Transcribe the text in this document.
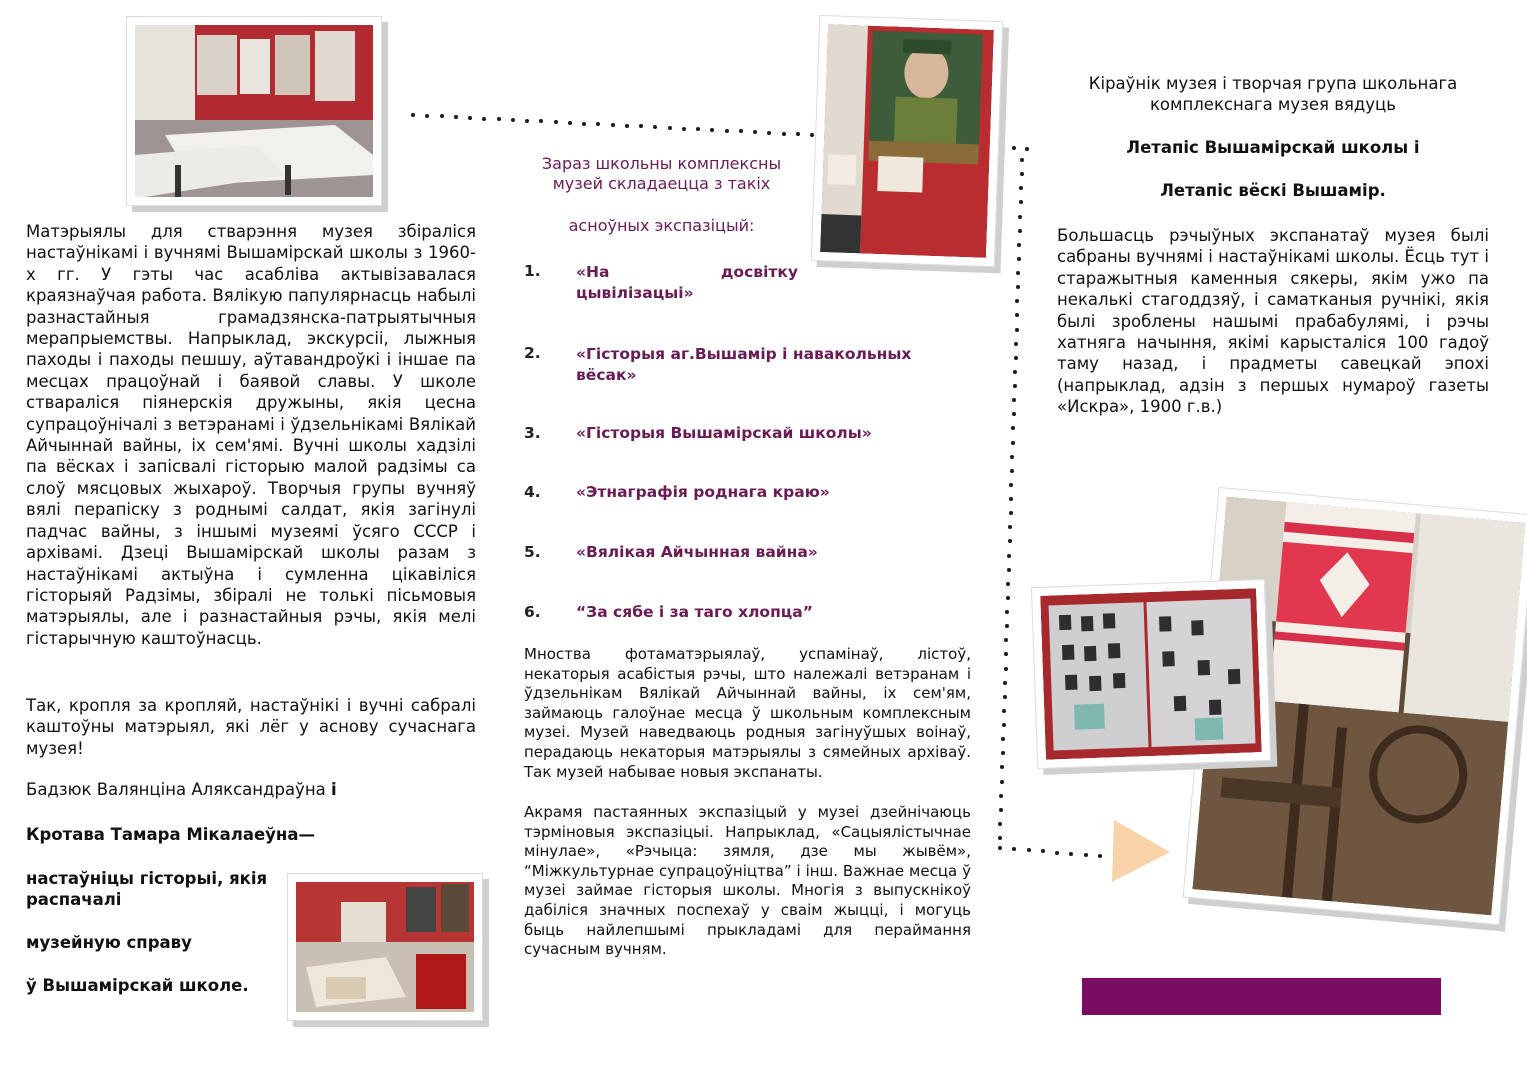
Матэрыялы для стварэння музея збіраліся настаўнікамі і вучнямі Вышамірскай школы з 1960-х гг. У гэты час асабліва актывізавалася краязнаўчая работа. Вялікую папулярнасць набылі разнастайныя грамадзянска-патрыятычныя мерапрыемствы. Напрыклад, экскурсіі, лыжныя паходы і паходы пешшу, аўтавандроўкі і іншае па месцах працоўнай і баявой славы. У школе ствараліся піянерскія дружыны, якія цесна супрацоўнічалі з ветэранамі і ўдзельнікамі Вялікай Айчыннай вайны, іх сем'ямі. Вучні школы хадзілі па вёсках і запісвалі гісторыю малой радзімы са слоў мясцовых жыхароў. Творчыя групы вучняў вялі перапіску з роднымі салдат, якія загінулі падчас вайны, з іншымі музеямі ўсяго СССР і архівамі. Дзеці Вышамірскай школы разам з настаўнікамі актыўна і сумленна цікавіліся гісторыяй Радзімы, збіралі не толькі пісьмовыя матэрыялы, але і разнастайныя рэчы, якія мелі гістарычную каштоўнасць.

Так, кропля за кропляй, настаўнікі і вучні сабралі каштоўны матэрыял, які лёг у аснову сучаснага музея!

Бадзюк Валянціна Аляксандраўна і
Кротава Тамара Мікалаеўна—
настаўніцы гісторыі, якія распачалі
музейную справу
ў Вышамірскай школе.
Зараз школьны комплексны
музей складаецца з такіх
асноўных экспазіцый:
1. «На досвітку цывілізацыі»
2. «Гісторыя аг.Вышамір і навакольных вёсак»
3. «Гісторыя Вышамірскай школы»
4. «Этнаграфія роднага краю»
5. «Вялікая Айчынная вайна»
6. “За сябе і за таго хлопца”
Мноства фотаматэрыялаў, успамінаў, лістоў, некаторыя асабістыя рэчы, што належалі ветэранам і ўдзельнікам Вялікай Айчыннай вайны, іх сем'ям, займаюць галоўнае месца ў школьным комплексным музеі. Музей наведваюць родныя загінуўшых воінаў, перадаюць некаторыя матэрыялы з сямейных архіваў. Так музей набывае новыя экспанаты.
Акрамя пастаянных экспазіцый у музеі дзейнічаюць тэрміновыя экспазіцыі. Напрыклад, «Сацыялістычнае мінулае», «Рэчыца: зямля, дзе мы жывём», “Міжкультурнае супрацоўніцтва” і інш. Важнае месца ў музеі займае гісторыя школы. Многія з выпускнікоў дабіліся значных поспехаў у сваім жыцці, і могуць быць найлепшымі прыкладамі для пераймання сучасным вучням.
Кіраўнік музея і творчая група школьнага
комплекснага музея вядуць
Летапіс Вышамірскай школы і
Летапіс вёскі Вышамір.
Большасць рэчыўных экспанатаў музея былі сабраны вучнямі і настаўнікамі школы. Ёсць тут і старажытныя каменныя сякеры, якім ужо па некалькі стагоддзяў, і саматканыя ручнікі, якія былі зроблены нашымі прабабулямі, і рэчы хатняга начыння, якімі карысталіся 100 гадоў таму назад, і прадметы савецкай эпохі (напрыклад, адзін з першых нумароў газеты «Искра», 1900 г.в.)
